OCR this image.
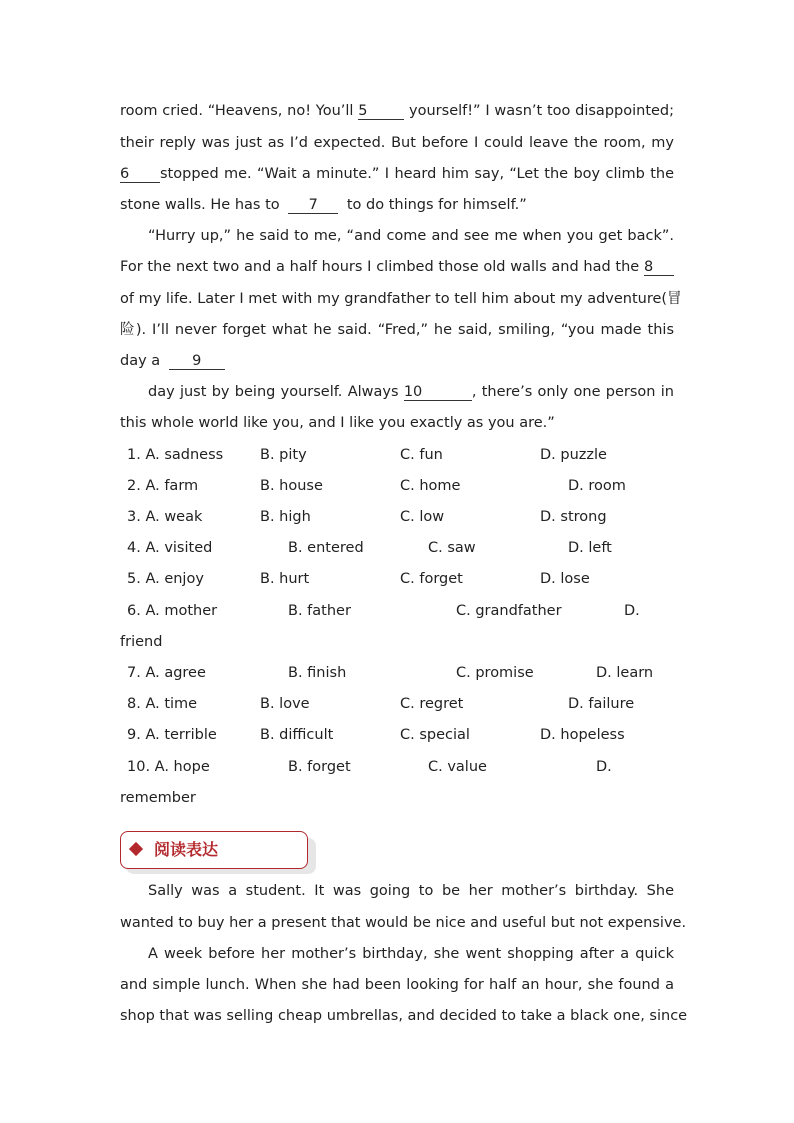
room cried. “Heavens, no! You’ll 5	yourself!” I wasn’t too disappointed;
their reply was just as I’d expected. But before I could leave the room, my
6 stopped me. “Wait a minute.” I heard him say, “Let the boy climb the
stone walls. He has to 7 to do things for himself.”
“Hurry up,” he said to me, “and come and see me when you get back”.
For the next two and a half hours I climbed those old walls and had the 8
of my life. Later I met with my grandfather to tell him about my adventure(冒
险). I’ll never forget what he said. “Fred,” he said, smiling, “you made this
day a 9
day just by being yourself. Always 10	, there’s only one person in
this whole world like you, and I like you exactly as you are.”
1. A. sadness	B. pity	C. fun	D. puzzle
2. A. farm	B. house	C. home	D. room
3. A. weak	B. high	C. low	D. strong
4. A. visited	B. entered	C. saw	D. left
5. A. enjoy	B. hurt	C. forget	D. lose
6. A. mother	B. father	C. grandfather	D.
friend
7. A. agree	B. finish	C. promise	D. learn
8. A. time	B. love	C. regret	D. failure
9. A. terrible	B. difficult	C. special	D. hopeless
10. A. hope	B. forget	C. value	D.
remember
阅读表达
Sally was a student. It was going to be her mother’s birthday. She
wanted to buy her a present that would be nice and useful but not expensive.
A week before her mother’s birthday, she went shopping after a quick
and simple lunch. When she had been looking for half an hour, she found a
shop that was selling cheap umbrellas, and decided to take a black one, since
